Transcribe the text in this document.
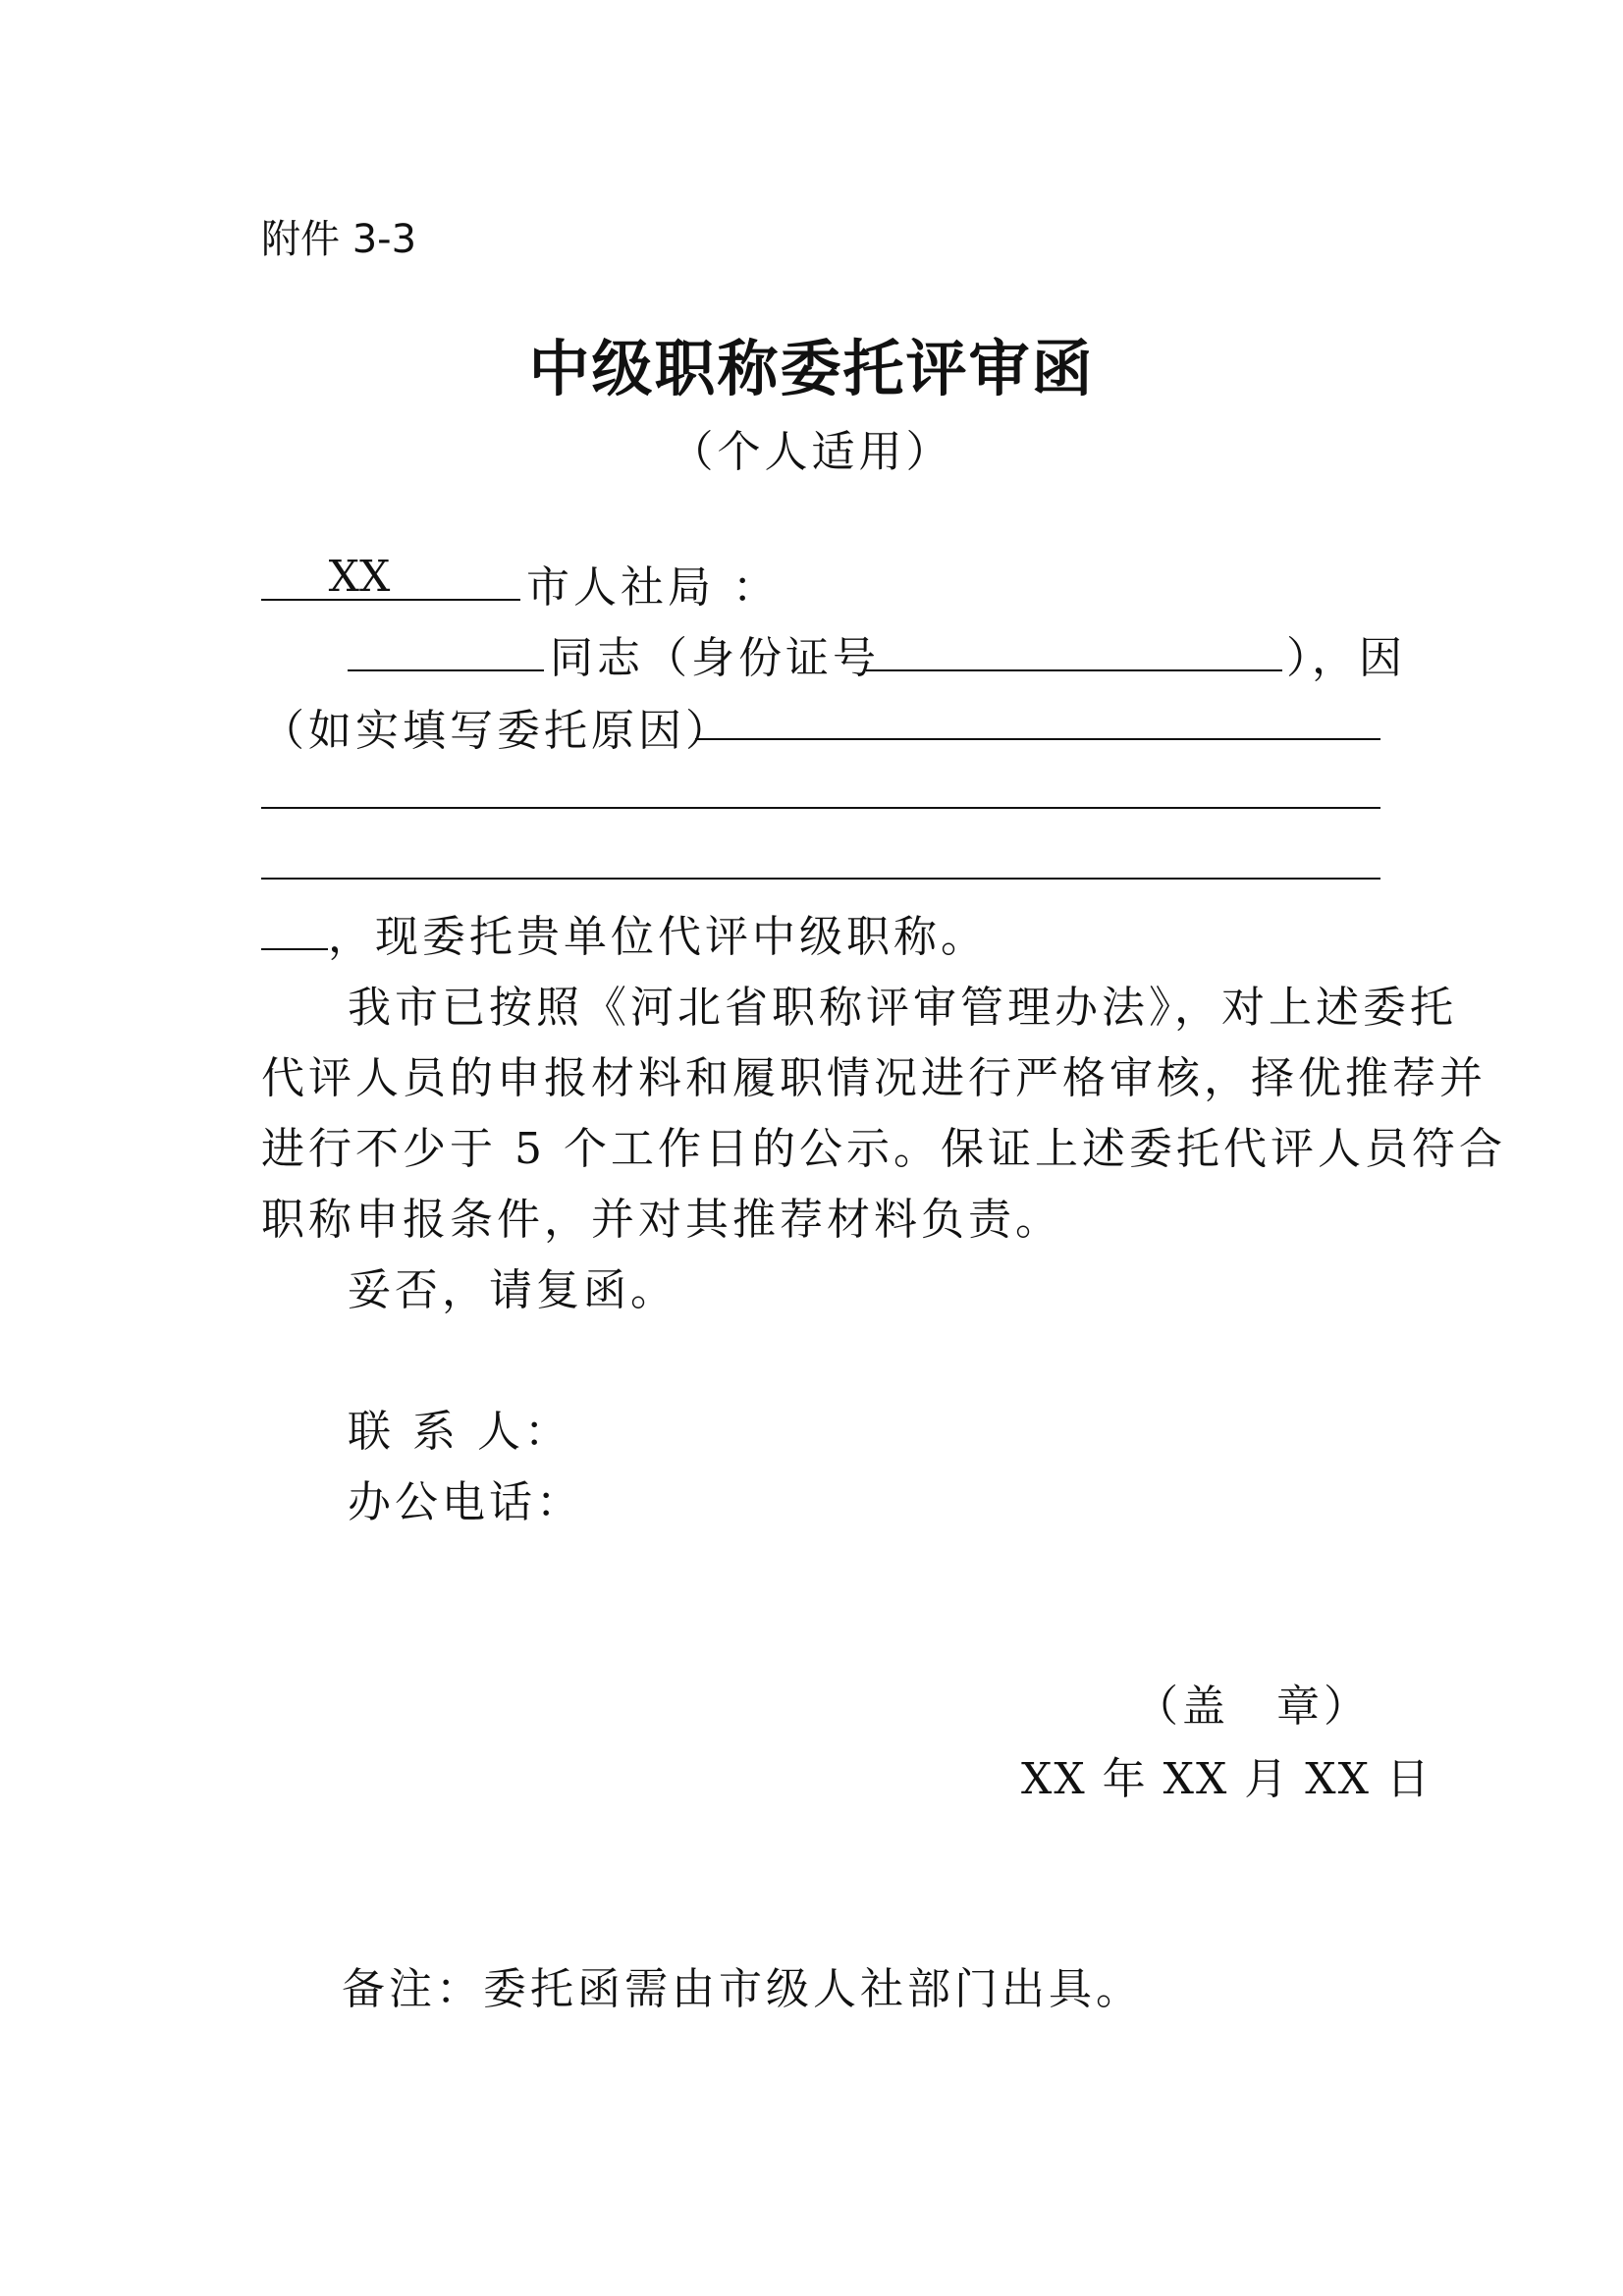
附件 3-3
中级职称委托评审函
（个人适用）
XX	市人社局 ：
同志（身份证号	），因
（如实填写委托原因）
，现委托贵单位代评中级职称。
我市已按照《河北省职称评审管理办法》，对上述委托
代评人员的申报材料和履职情况进行严格审核，择优推荐并
进行不少于 5 个工作日的公示。保证上述委托代评人员符合
职称申报条件，并对其推荐材料负责。
妥否，请复函。
联 系 人：
办公电话：
（盖　章）
XX 年 XX 月 XX 日
备注：委托函需由市级人社部门出具。
